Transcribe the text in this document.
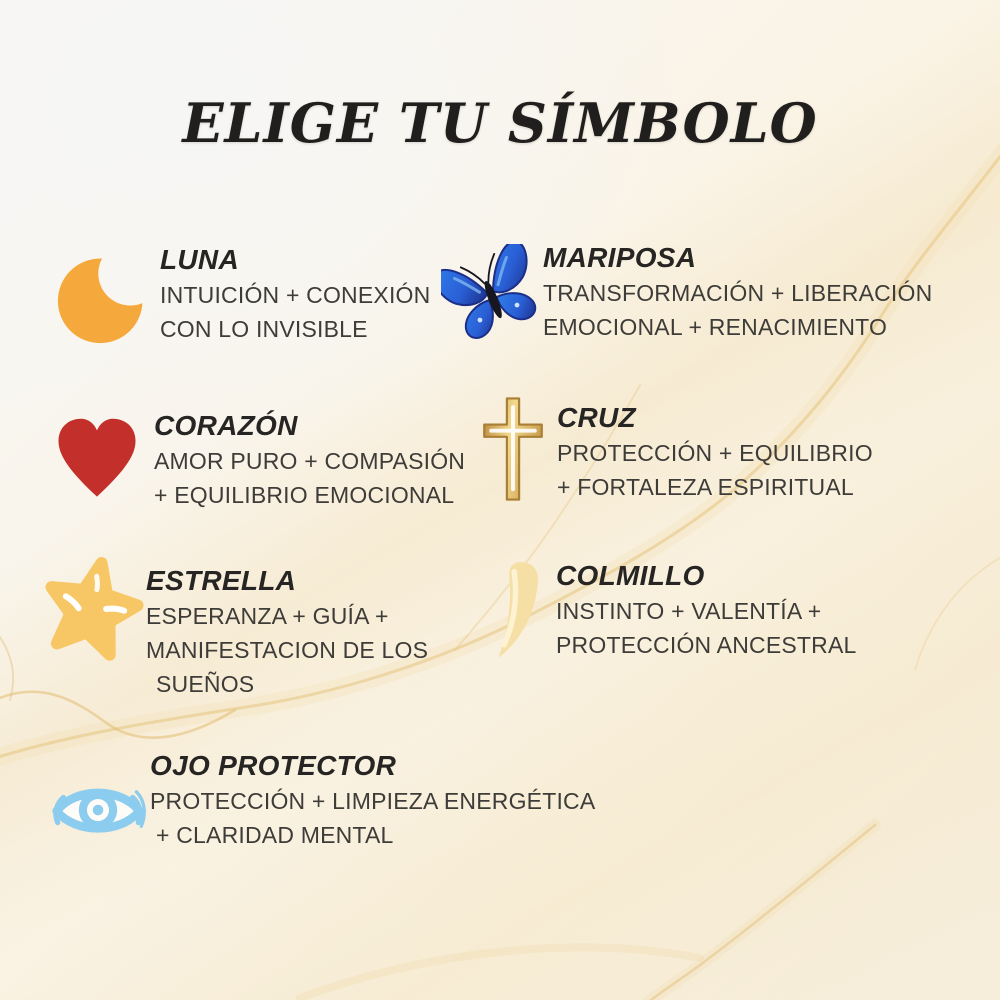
ELIGE TU SÍMBOLO
LUNA
INTUICIÓN + CONEXIÓN
CON LO INVISIBLE
MARIPOSA
TRANSFORMACIÓN + LIBERACIÓN
EMOCIONAL + RENACIMIENTO
CORAZÓN
AMOR PURO + COMPASIÓN
+ EQUILIBRIO EMOCIONAL
CRUZ
PROTECCIÓN + EQUILIBRIO
+ FORTALEZA ESPIRITUAL
ESTRELLA
ESPERANZA + GUÍA +
MANIFESTACION DE LOS
SUEÑOS
COLMILLO
INSTINTO + VALENTÍA +
PROTECCIÓN ANCESTRAL
OJO PROTECTOR
PROTECCIÓN + LIMPIEZA ENERGÉTICA
+ CLARIDAD MENTAL
